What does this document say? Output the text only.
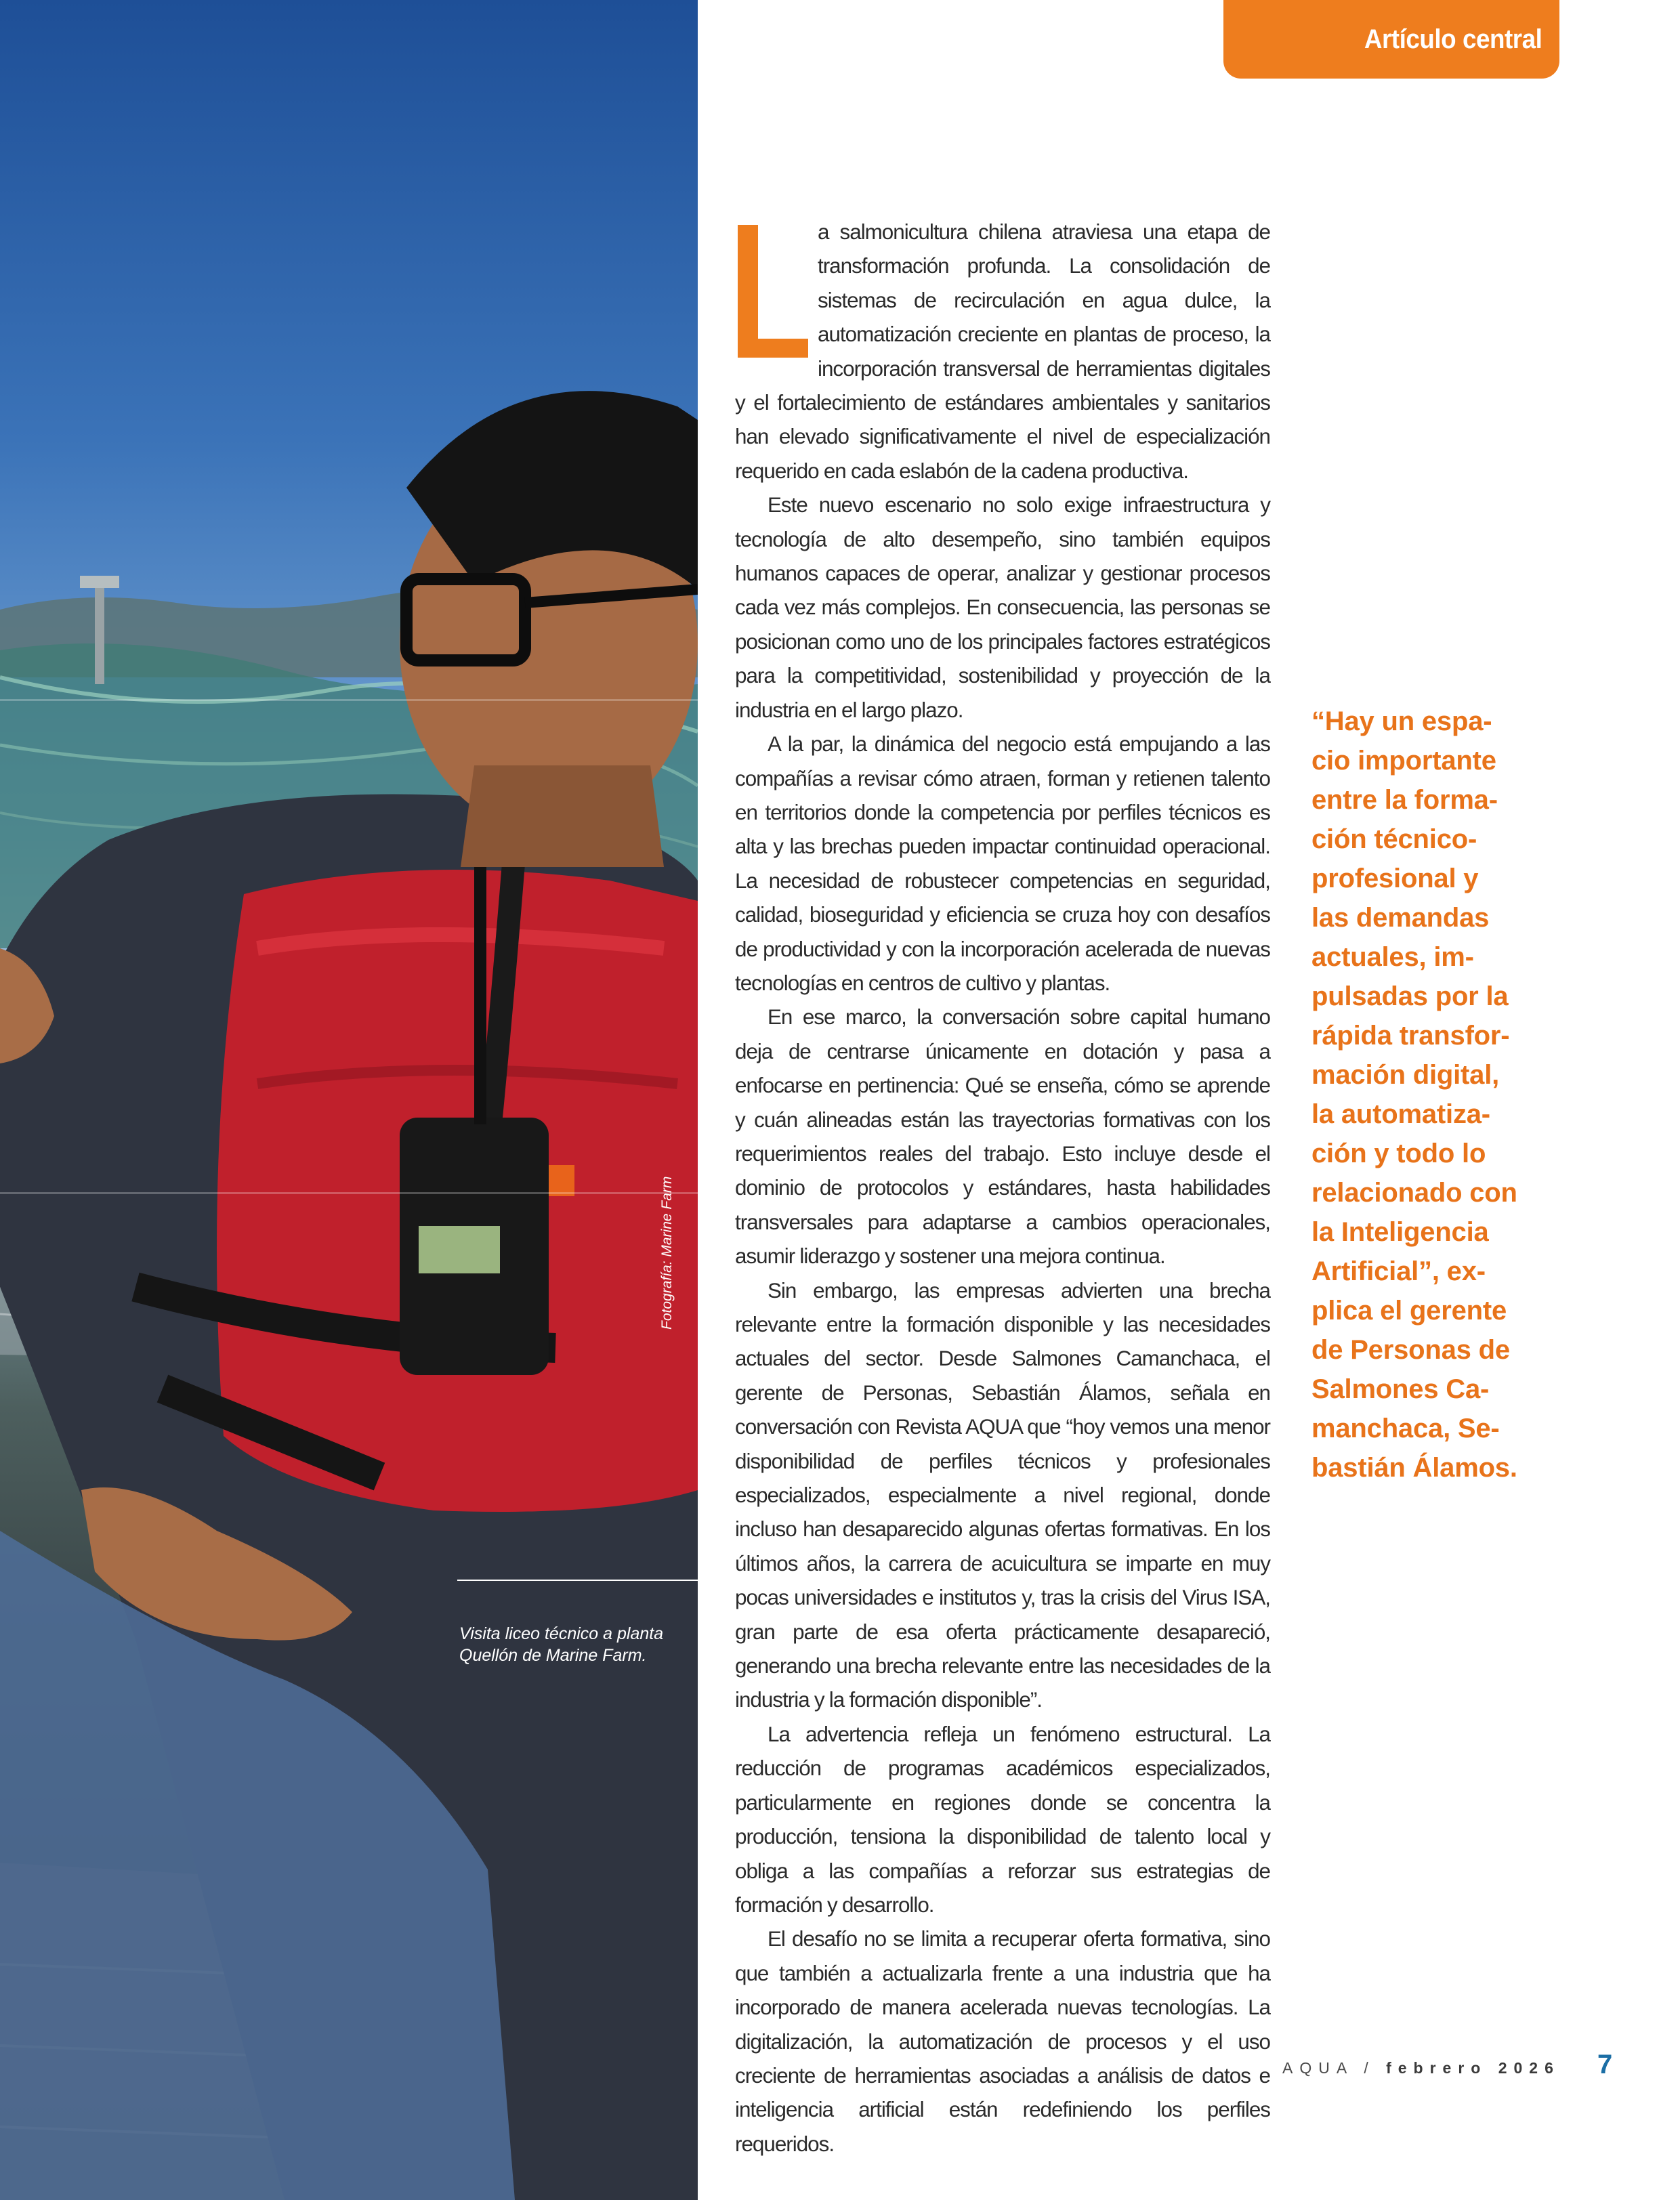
Fotografía: Marine Farm
Visita liceo técnico a planta
Quellón de Marine Farm.
Artículo central

a salmonicultura chilena atraviesa una etapa de transformación profunda. La consolidación de sistemas de recirculación en agua dulce, la automatización creciente en plantas de proceso, la incorporación transversal de herramientas digitales y el fortalecimiento de estándares ambientales y sanitarios han elevado significativamente el nivel de especialización requerido en cada eslabón de la cadena productiva.

Este nuevo escenario no solo exige infraestructura y tecnología de alto desempeño, sino también equipos humanos capaces de operar, analizar y gestionar procesos cada vez más complejos. En consecuencia, las personas se posicionan como uno de los principales factores estratégicos para la competitividad, sostenibilidad y proyección de la industria en el largo plazo.

A la par, la dinámica del negocio está empujando a las compañías a revisar cómo atraen, forman y retienen talento en territorios donde la competencia por perfiles técnicos es alta y las brechas pueden impactar continuidad operacional. La necesidad de robustecer competencias en seguridad, calidad, bioseguridad y eficiencia se cruza hoy con desafíos de productividad y con la incorporación acelerada de nuevas tecnologías en centros de cultivo y plantas.

En ese marco, la conversación sobre capital humano deja de centrarse únicamente en dotación y pasa a enfocarse en pertinencia: Qué se enseña, cómo se aprende y cuán alineadas están las trayectorias formativas con los requerimientos reales del trabajo. Esto incluye desde el dominio de protocolos y estándares, hasta habilidades transversales para adaptarse a cambios operacionales, asumir liderazgo y sostener una mejora continua.

Sin embargo, las empresas advierten una brecha relevante entre la formación disponible y las necesidades actuales del sector. Desde Salmones Camanchaca, el gerente de Personas, Sebastián Álamos, señala en conversación con Revista AQUA que “hoy vemos una menor disponibilidad de perfiles técnicos y profesionales especializados, especialmente a nivel regional, donde incluso han desaparecido algunas ofertas formativas. En los últimos años, la carrera de acuicultura se imparte en muy pocas universidades e institutos y, tras la crisis del Virus ISA, gran parte de esa oferta prácticamente desapareció, generando una brecha relevante entre las necesidades de la industria y la formación disponible”.

La advertencia refleja un fenómeno estructural. La reducción de programas académicos especializados, particularmente en regiones donde se concentra la producción, tensiona la disponibilidad de talento local y obliga a las compañías a reforzar sus estrategias de formación y desarrollo.

El desafío no se limita a recuperar oferta formativa, sino que también a actualizarla frente a una industria que ha incorporado de manera acelerada nuevas tecnologías. La digitalización, la automatización de procesos y el uso creciente de herramientas asociadas a análisis de datos e inteligencia artificial están redefiniendo los perfiles requeridos.

“Hay un espa-
cio importante
entre la forma-
ción técnico-
profesional y
las demandas
actuales, im-
pulsadas por la
rápida transfor-
mación digital,
la automatiza-
ción y todo lo
relacionado con
la Inteligencia
Artificial”, ex-
plica el gerente
de Personas de
Salmones Ca-
manchaca, Se-
bastián Álamos.
AQUA / febrero 2026 7
